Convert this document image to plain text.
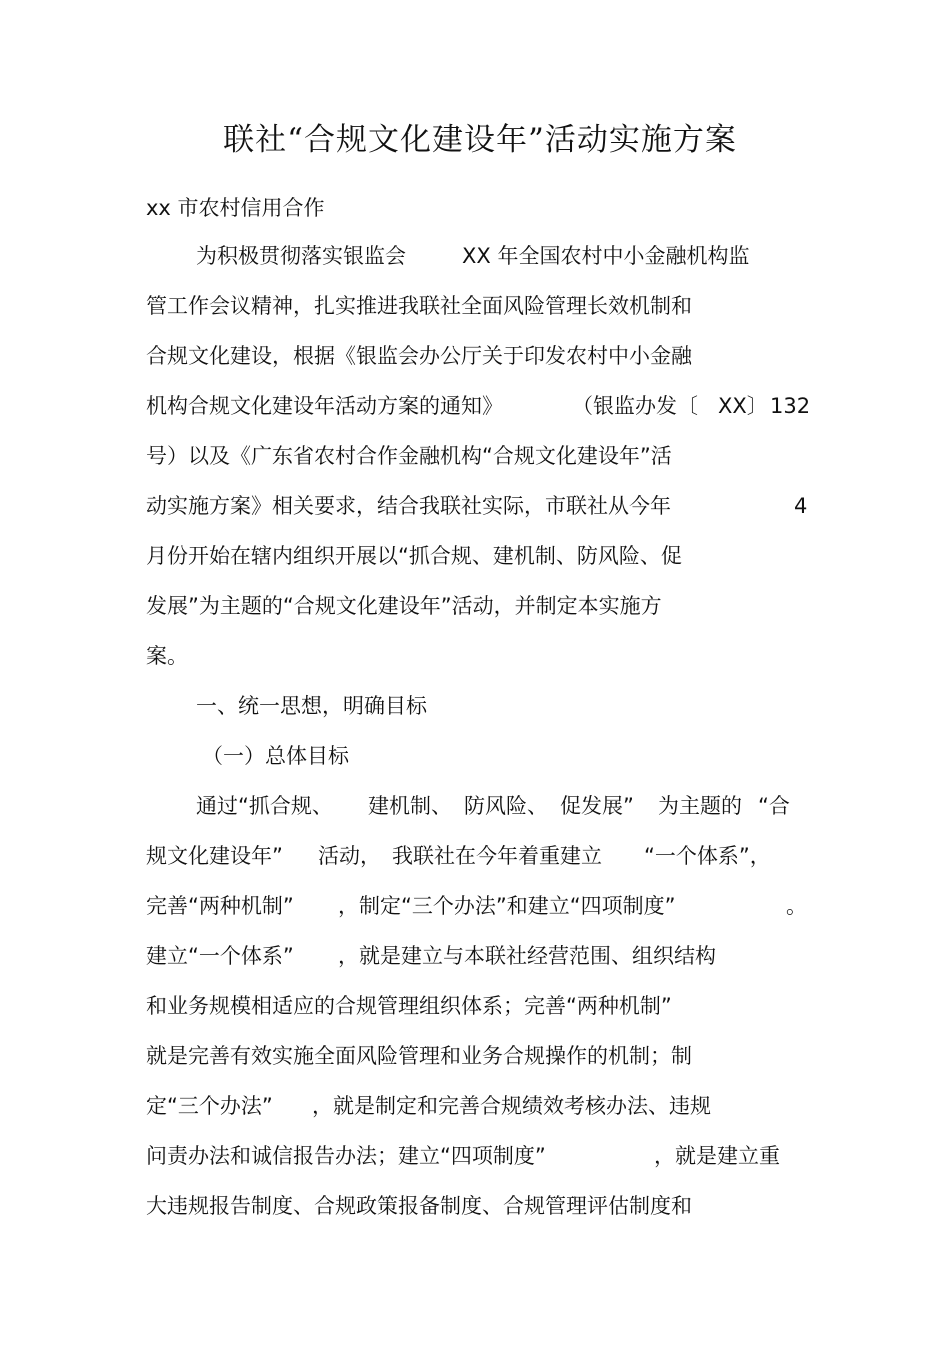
联社“合规文化建设年”活动实施方案
xx 市农村信用合作

为积极贯彻落实银监会

	XX 年全国农村中小金融机构监

管工作会议精神，扎实推进我联社全面风险管理长效机制和

合规文化建设，根据《银监会办公厅关于印发农村中小金融

机构合规文化建设年活动方案的通知》

	（银监办发〔

XX〕

132

号）以及《广东省农村合作金融机构“合规文化建设年”活

动实施方案》相关要求，结合我联社实际，市联社从今年

	4

月份开始在辖内组织开展以“抓合规、建机制、防风险、促

发展”为主题的“合规文化建设年”活动，并制定本实施方

案。

一、统一思想，明确目标

（一）总体目标

通过“抓合规、

建机制、

防风险、

促发展”

为主题的

“合

规文化建设年”

活动，

我联社在今年着重建立

“一个体系”，

完善“两种机制”

，制定“三个办法”和建立“四项制度”

	。

建立“一个体系”

，就是建立与本联社经营范围、组织结构

和业务规模相适应的合规管理组织体系；完善“两种机制”

就是完善有效实施全面风险管理和业务合规操作的机制；制

定“三个办法”

，就是制定和完善合规绩效考核办法、违规

问责办法和诚信报告办法；建立“四项制度”

	，就是建立重

大违规报告制度、合规政策报备制度、合规管理评估制度和
